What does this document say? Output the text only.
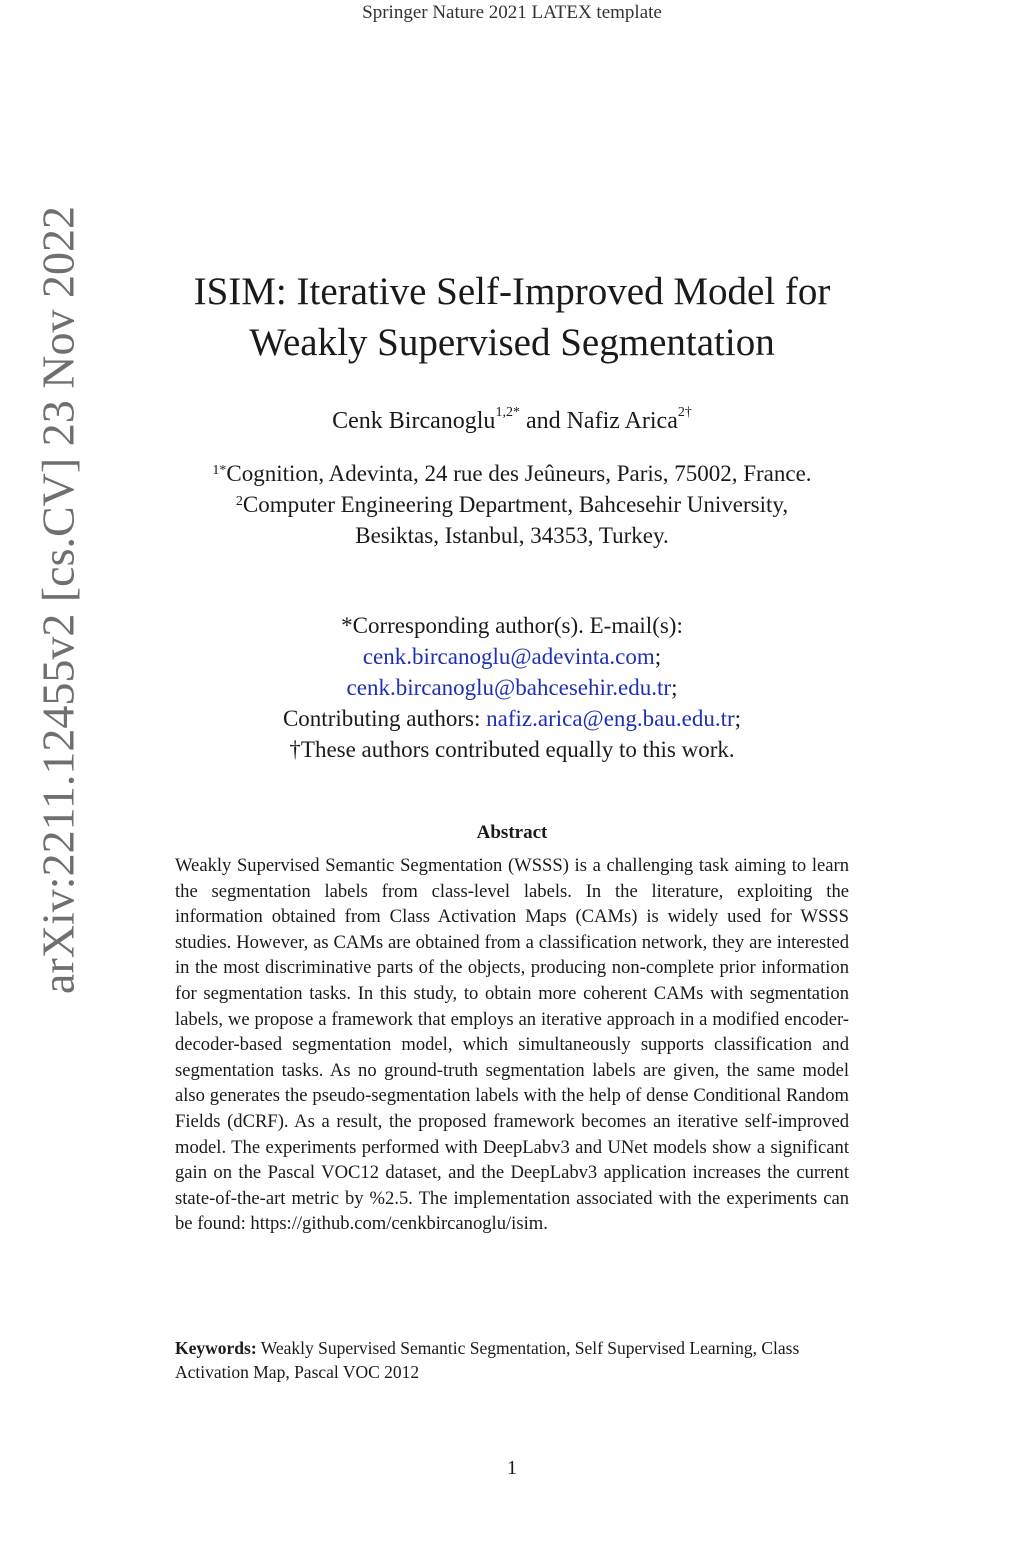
Springer Nature 2021 LATEX template
arXiv:2211.12455v2 [cs.CV] 23 Nov 2022	ISIM: Iterative Self-Improved Model for
Weakly Supervised Segmentation
Cenk Bircanoglu$^{1,2*}$ and Nafiz Arica$^{2\dagger}$
$^{1*}$Cognition, Adevinta, 24 rue des Jeûneurs, Paris, 75002, France.
$^2$Computer Engineering Department, Bahcesehir University,
Besiktas, Istanbul, 34353, Turkey.
*Corresponding author(s). E-mail(s):
cenk.bircanoglu@adevinta.com;
cenk.bircanoglu@bahcesehir.edu.tr;
Contributing authors: nafiz.arica@eng.bau.edu.tr;
†These authors contributed equally to this work.
Abstract

Weakly Supervised Semantic Segmentation (WSSS) is a challenging task aiming to learn the segmentation labels from class-level labels. In the literature, exploiting the information obtained from Class Activation Maps (CAMs) is widely used for WSSS studies. However, as CAMs are obtained from a classification network, they are interested in the most discriminative parts of the objects, producing non-complete prior information for segmentation tasks. In this study, to obtain more coherent CAMs with segmentation labels, we propose a framework that employs an iterative approach in a modified encoder-decoder-based segmentation model, which simultaneously supports classification and segmentation tasks. As no ground-truth segmentation labels are given, the same model also generates the pseudo-segmentation labels with the help of dense Conditional Random Fields (dCRF). As a result, the proposed framework becomes an iterative self-improved model. The experiments performed with DeepLabv3 and UNet models show a significant gain on the Pascal VOC12 dataset, and the DeepLabv3 application increases the current state-of-the-art metric by %2.5. The implementation associated with the experiments can be found: https://github.com/cenkbircanoglu/isim.

Keywords: Weakly Supervised Semantic Segmentation, Self Supervised Learning, Class Activation Map, Pascal VOC 2012

1
